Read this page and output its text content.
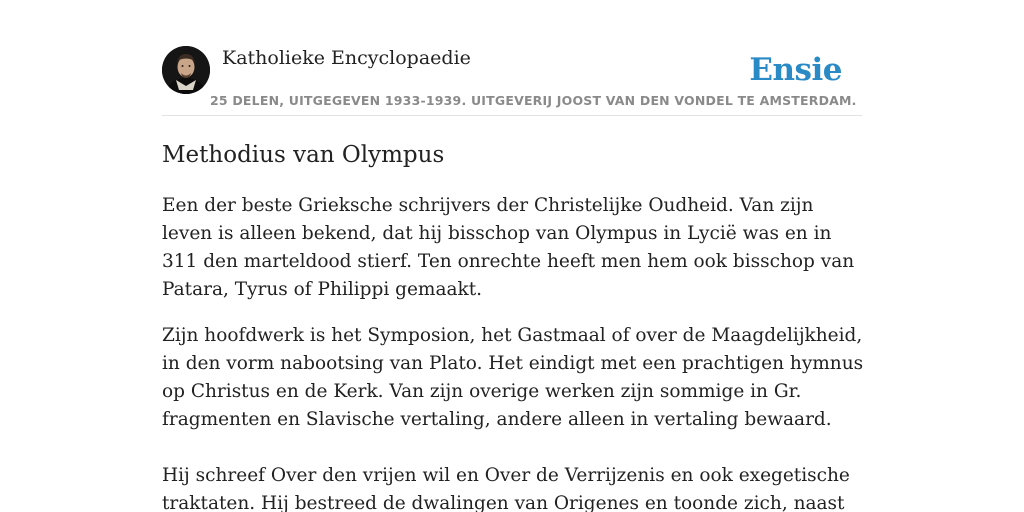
Katholieke Encyclopaedie
25 DELEN, UITGEGEVEN 1933-1939. UITGEVERIJ JOOST VAN DEN VONDEL TE AMSTERDAM.
Ensie
Methodius van Olympus

Een der beste Grieksche schrijvers der Christelijke Oudheid. Van zijn leven is alleen bekend, dat hij bisschop van Olympus in Lycië was en in 311 den marteldood stierf. Ten onrechte heeft men hem ook bisschop van Patara, Tyrus of Philippi gemaakt.

Zijn hoofdwerk is het Symposion, het Gastmaal of over de Maagdelijkheid, in den vorm nabootsing van Plato. Het eindigt met een prachtigen hymnus op Christus en de Kerk. Van zijn overige werken zijn sommige in Gr. fragmenten en Slavische vertaling, andere alleen in vertaling bewaard.

Hij schreef Over den vrijen wil en Over de Verrijzenis en ook exegetische traktaten. Hij bestreed de dwalingen van Origenes en toonde zich, naast
